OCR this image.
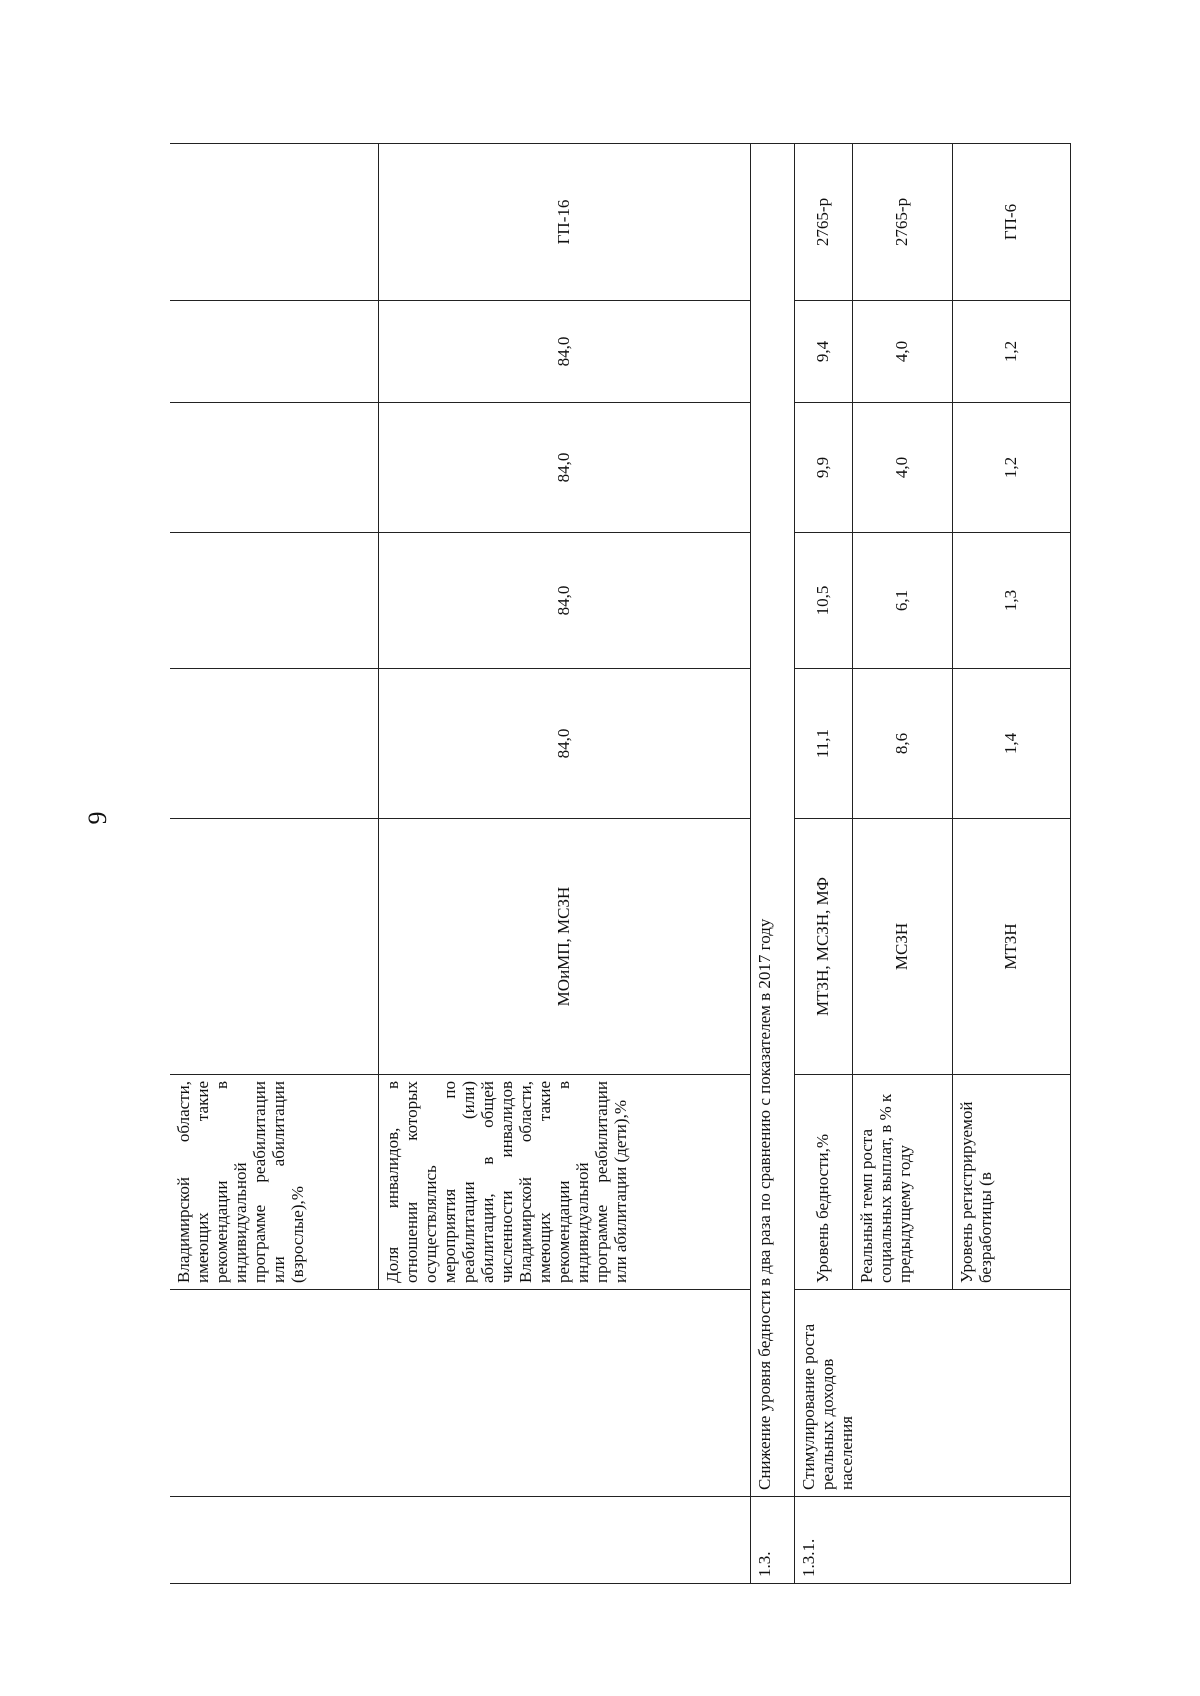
9
		Владимирской области, имеющих такие рекомендации в индивидуальной программе реабилитации или абилитации (взрослые),%						
		Доля инвалидов, в отношении которых осуществлялись мероприятия по реабилитации (или) абилитации, в общей численности инвалидов Владимирской области, имеющих такие рекомендации в индивидуальной программе реабилитации или абилитации (дети),%	МОиМП, МСЗН	84,0	84,0	84,0	84,0	ГП-16
1.3.	Снижение уровня бедности в два раза по сравнению с показателем в 2017 году							
1.3.1.	Стимулирование роста реальных доходов населения	Уровень бедности,%	МТЗН, МСЗН, МФ	11,1	10,5	9,9	9,4	2765-р
		Реальный темп роста социальных выплат, в % к предыдущему году	МСЗН	8,6	6,1	4,0	4,0	2765-р
		Уровень регистрируемой безработицы (в	МТЗН	1,4	1,3	1,2	1,2	ГП-6
